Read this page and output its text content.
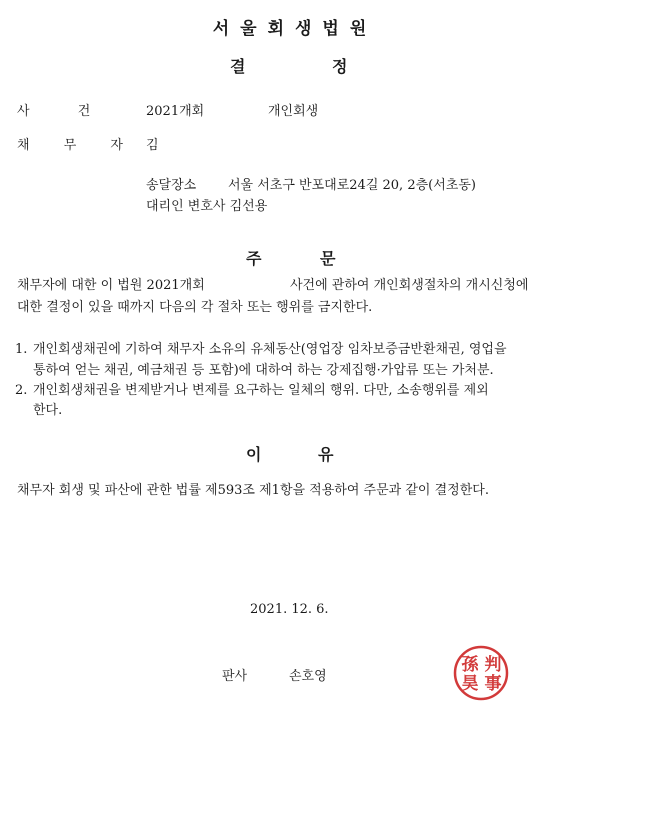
서울회생법원
결	정
사 건	2021개회	개인회생
채 무 자 김
송달장소 서울 서초구 반포대로24길 20, 2층(서초동)
대리인 변호사 김선용
주	문
채무자에 대한 이 법원 2021개회	사건에 관하여 개인회생절차의 개시신청에
대한 결정이 있을 때까지 다음의 각 절차 또는 행위를 금지한다.
1. 개인회생채권에 기하여 채무자 소유의 유체동산(영업장 임차보증금반환채권, 영업을
통하여 얻는 채권, 예금채권 등 포함)에 대하여 하는 강제집행·가압류 또는 가처분.
2. 개인회생채권을 변제받거나 변제를 요구하는 일체의 행위. 다만, 소송행위를 제외
한다.
이	유
채무자 회생 및 파산에 관한 법률 제593조 제1항을 적용하여 주문과 같이 결정한다.
2021. 12. 6.
판사	손호영
判
事
孫
昊
